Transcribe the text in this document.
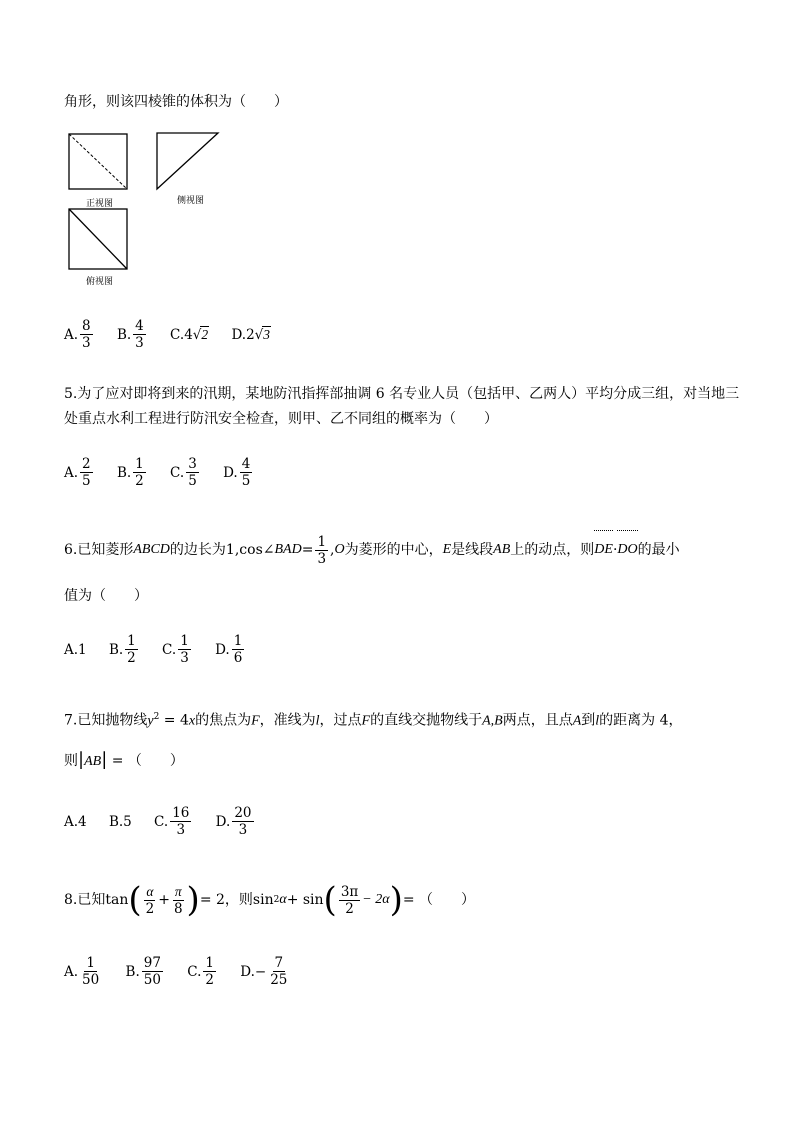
角形，则该四棱锥的体积为（　　）
正视图	侧视图
俯视图
A. $\frac{8}{3}$
B. $\frac{4}{3}$
C. 4 √ 2
D. 2 √ 3
5.为了应对即将到来的汛期，某地防汛指挥部抽调 6 名专业人员（包括甲、乙两人）平均分成三组，对当地三
处重点水利工程进行防汛安全检查，则甲、乙不同组的概率为（　　）
A. $\frac{2}{5}$
B. $\frac{1}{2}$
C. $\frac{3}{5}$
D. $\frac{4}{5}$
6.已知菱形 ABCD 的边长为 1 ,cos∠ BAD = $\frac{1}{3}$ , O 为菱形的中心， E 是线段 AB 上的动点，则 DE · DO 的最小
值为（　　）
A. 1
B. $\frac{1}{2}$
C. $\frac{1}{3}$
D. $\frac{1}{6}$
7.已知抛物线$y^2 = 4x$的焦点为F，准线为l，过点F的直线交抛物线于A,B两点，且点A到l的距离为 4，
则|AB| = （　　）
A. 4
B. 5
C. $\frac{16}{3}$
D. $\frac{20}{3}$
8.已知 tan ( $\frac{\alpha}{2} + \frac{\pi}{8}$ ) = 2，则 sin 2 α + sin ( $\frac{3\pi}{2} - 2\alpha$ ) = （　　）
A. $\frac{1}{50}$
B. $\frac{97}{50}$
C. $\frac{1}{2}$
D. − $\frac{7}{25}$
